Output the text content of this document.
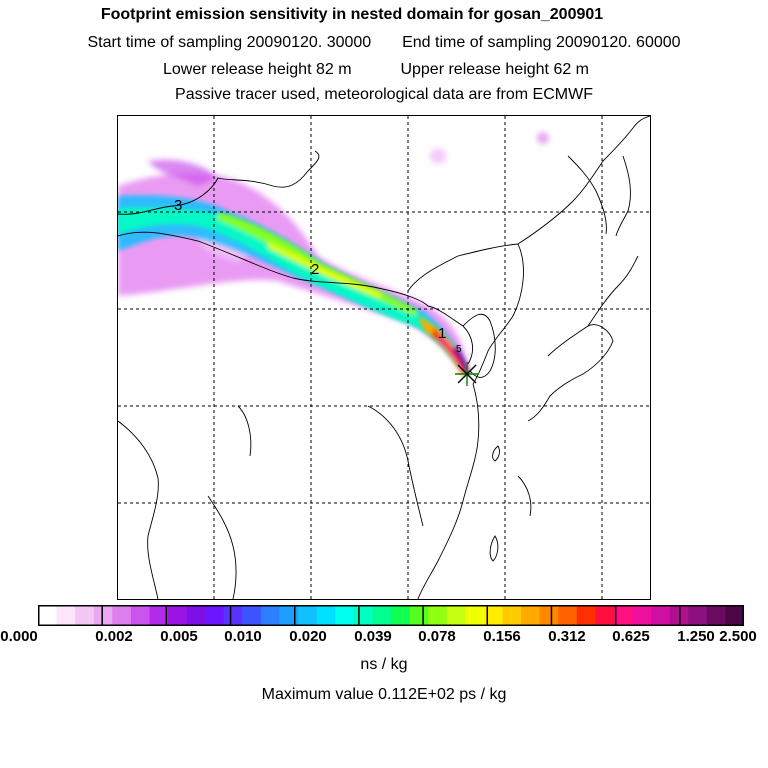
Footprint emission sensitivity in nested domain for gosan_200901
Start time of sampling 20090120. 30000 End time of sampling 20090120. 60000
Lower release height 82 m	Upper release height 62 m
Passive tracer used, meteorological data are from ECMWF
3
2
1
5
0.000	0.002 0.005 0.010 0.020 0.039 0.078 0.156 0.312 0.625 1.250 2.500
ns / kg
Maximum value 0.112E+02 ps / kg
